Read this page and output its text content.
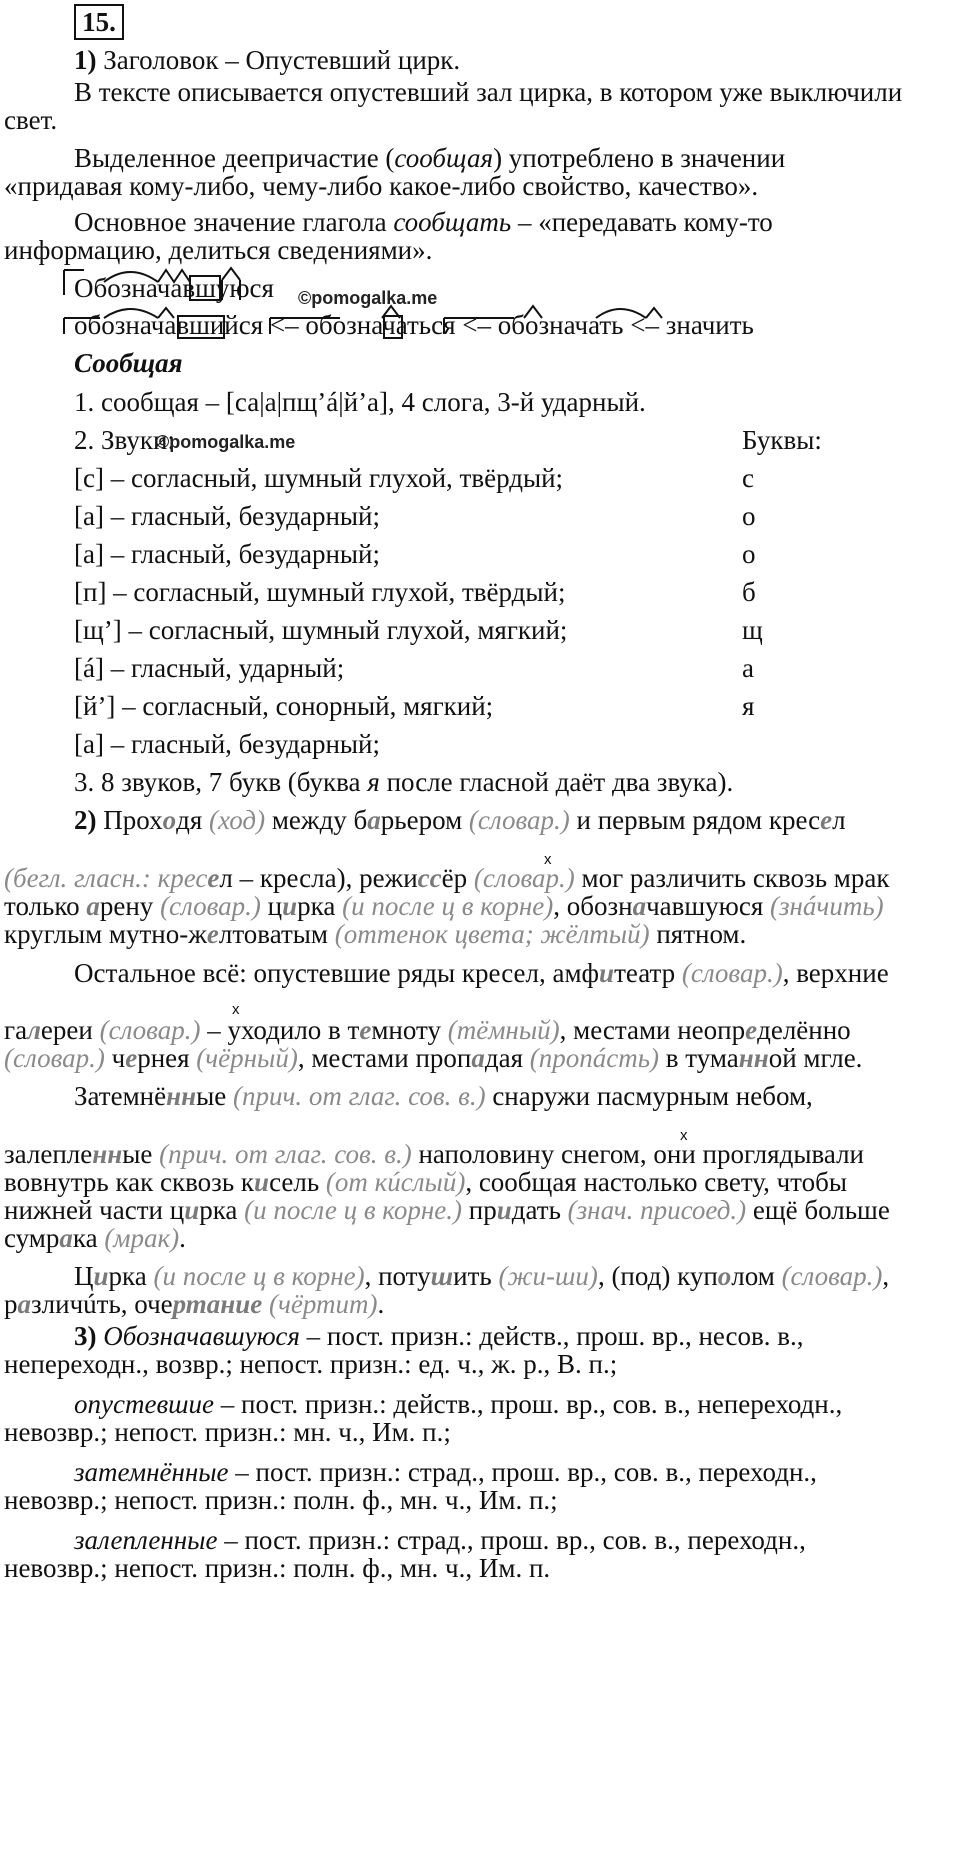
15.
1) Заголовок – Опустевший цирк.
В тексте описывается опустевший зал цирка, в котором уже выключили
свет.
Выделенное деепричастие (сообщая) употреблено в значении
«придавая кому-либо, чему-либо какое-либо свойство, качество».
Основное значение глагола сообщать – «передавать кому-то
информацию, делиться сведениями».
Обозначавшуюся ©pomogalka.me
обозначавшийся <– обозначаться <– обозначать <– значить
Сообщая
1. сообщая – [са|а|пщ’á|й’а], 4 слога, 3-й ударный.
2. Звуки:
©pomogalka.me	Буквы:
[с] – согласный, шумный глухой, твёрдый;	с
[а] – гласный, безударный;	о
[а] – гласный, безударный;	о
[п] – согласный, шумный глухой, твёрдый;	б
[щ’] – согласный, шумный глухой, мягкий;	щ
[á] – гласный, ударный;	а
[й’] – согласный, сонорный, мягкий;	я
[а] – гласный, безударный;
3. 8 звуков, 7 букв (буква я после гласной даёт два звука).
2) Проходя (ход) между барьером (словар.) и первым рядом кресел
(бегл. гласн.: кресел – кресла), режиссёр (словар.) мог различить сквозь мрак
только арену (словар.) цирка (и после ц в корне), обозначавшуюся (знáчить)
круглым мутно-желтоватым (оттенок цвета; жёлтый) пятном.
Остальное всё: опустевшие ряды кресел, амфитеатр (словар.), верхние
галереи (словар.) – уходило в темноту (тёмный), местами неопределённо
(словар.) чернея (чёрный), местами пропадая (пропáсть) в туманной мгле.
Затемнённые (прич. от глаг. сов. в.) снаружи пасмурным небом,
залепленные (прич. от глаг. сов. в.) наполовину снегом, они проглядывали
вовнутрь как сквозь кисель (от кúслый), сообщая настолько свету, чтобы
нижней части цирка (и после ц в корне.) придать (знач. присоед.) ещё больше
сумрака (мрак).
Цирка (и после ц в корне), потушить (жи-ши), (под) куполом (словар.),
различúть, очертание (чёртит).
х
х
х
3) Обозначавшуюся – пост. призн.: действ., прош. вр., несов. в.,
непереходн., возвр.; непост. призн.: ед. ч., ж. р., В. п.;
опустевшие – пост. призн.: действ., прош. вр., сов. в., непереходн.,
невозвр.; непост. призн.: мн. ч., Им. п.;
затемнённые – пост. призн.: страд., прош. вр., сов. в., переходн.,
невозвр.; непост. призн.: полн. ф., мн. ч., Им. п.;
залепленные – пост. призн.: страд., прош. вр., сов. в., переходн.,
невозвр.; непост. призн.: полн. ф., мн. ч., Им. п.
